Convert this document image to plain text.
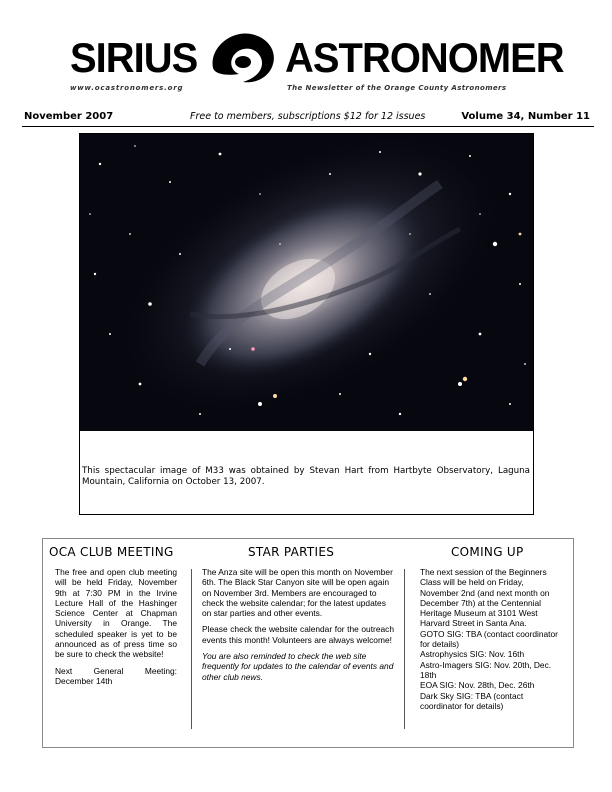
SIRIUS ASTRONOMER
www.ocastronomers.org	The Newsletter of the Orange County Astronomers
November 2007	Free to members, subscriptions $12 for 12 issues	Volume 34, Number 11
This spectacular image of M33 was obtained by Stevan Hart from Hartbyte Observatory, Laguna Mountain, California on October 13, 2007.
OCA CLUB MEETING

The free and open club meeting will be held Friday, November 9th at 7:30 PM in the Irvine Lecture Hall of the Hashinger Science Center at Chapman University in Orange. The scheduled speaker is yet to be announced as of press time so be sure to check the website!

Next General Meeting: December 14th

STAR PARTIES

The Anza site will be open this month on November 6th. The Black Star Canyon site will be open again on November 3rd. Members are encouraged to check the website calendar; for the latest updates on star parties and other events.

Please check the website calendar for the outreach events this month! Volunteers are always welcome!

You are also reminded to check the web site frequently for updates to the calendar of events and other club news.

COMING UP

The next session of the Beginners Class will be held on Friday, November 2nd (and next month on December 7th) at the Centennial Heritage Museum at 3101 West Harvard Street in Santa Ana.

GOTO SIG: TBA (contact coordinator for details)
Astrophysics SIG: Nov. 16th
Astro-Imagers SIG: Nov. 20th, Dec. 18th
EOA SIG: Nov. 28th, Dec. 26th
Dark Sky SIG: TBA (contact coordinator for details)
